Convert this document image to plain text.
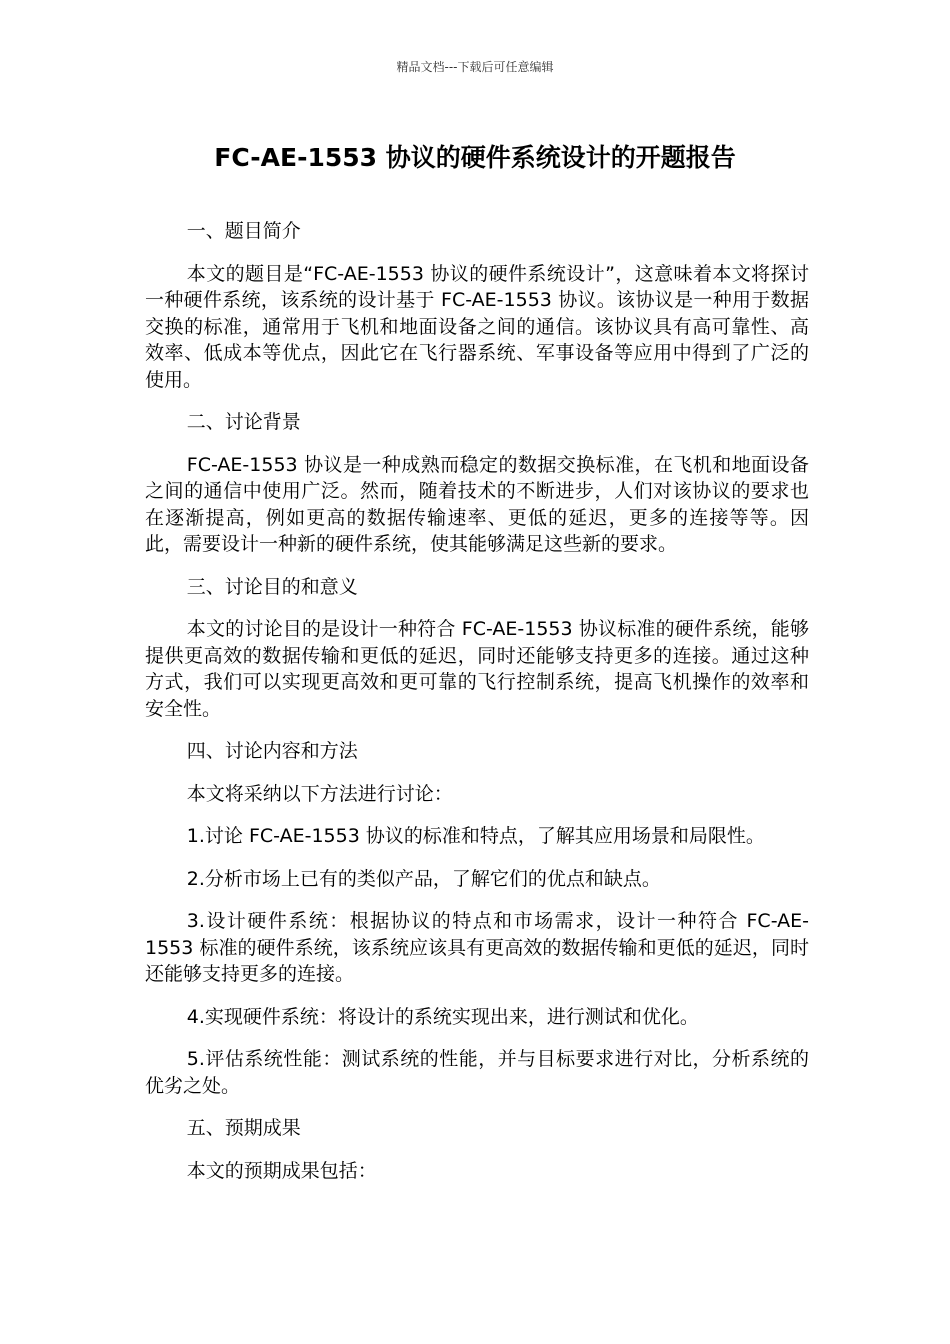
精品文档---下载后可任意编辑
FC-AE-1553 协议的硬件系统设计的开题报告

一、题目简介

本文的题目是“FC-AE-1553 协议的硬件系统设计”，这意味着本文将探讨一种硬件系统，该系统的设计基于 FC-AE-1553 协议。该协议是一种用于数据交换的标准，通常用于飞机和地面设备之间的通信。该协议具有高可靠性、高效率、低成本等优点，因此它在飞行器系统、军事设备等应用中得到了广泛的使用。

二、讨论背景

FC-AE-1553 协议是一种成熟而稳定的数据交换标准，在飞机和地面设备之间的通信中使用广泛。然而，随着技术的不断进步，人们对该协议的要求也在逐渐提高，例如更高的数据传输速率、更低的延迟，更多的连接等等。因此，需要设计一种新的硬件系统，使其能够满足这些新的要求。

三、讨论目的和意义

本文的讨论目的是设计一种符合 FC-AE-1553 协议标准的硬件系统，能够提供更高效的数据传输和更低的延迟，同时还能够支持更多的连接。通过这种方式，我们可以实现更高效和更可靠的飞行控制系统，提高飞机操作的效率和安全性。

四、讨论内容和方法

本文将采纳以下方法进行讨论：

1.讨论 FC-AE-1553 协议的标准和特点，了解其应用场景和局限性。

2.分析市场上已有的类似产品，了解它们的优点和缺点。

3.设计硬件系统：根据协议的特点和市场需求，设计一种符合 FC-AE-1553 标准的硬件系统，该系统应该具有更高效的数据传输和更低的延迟，同时还能够支持更多的连接。

4.实现硬件系统：将设计的系统实现出来，进行测试和优化。

5.评估系统性能：测试系统的性能，并与目标要求进行对比，分析系统的优劣之处。

五、预期成果

本文的预期成果包括：
